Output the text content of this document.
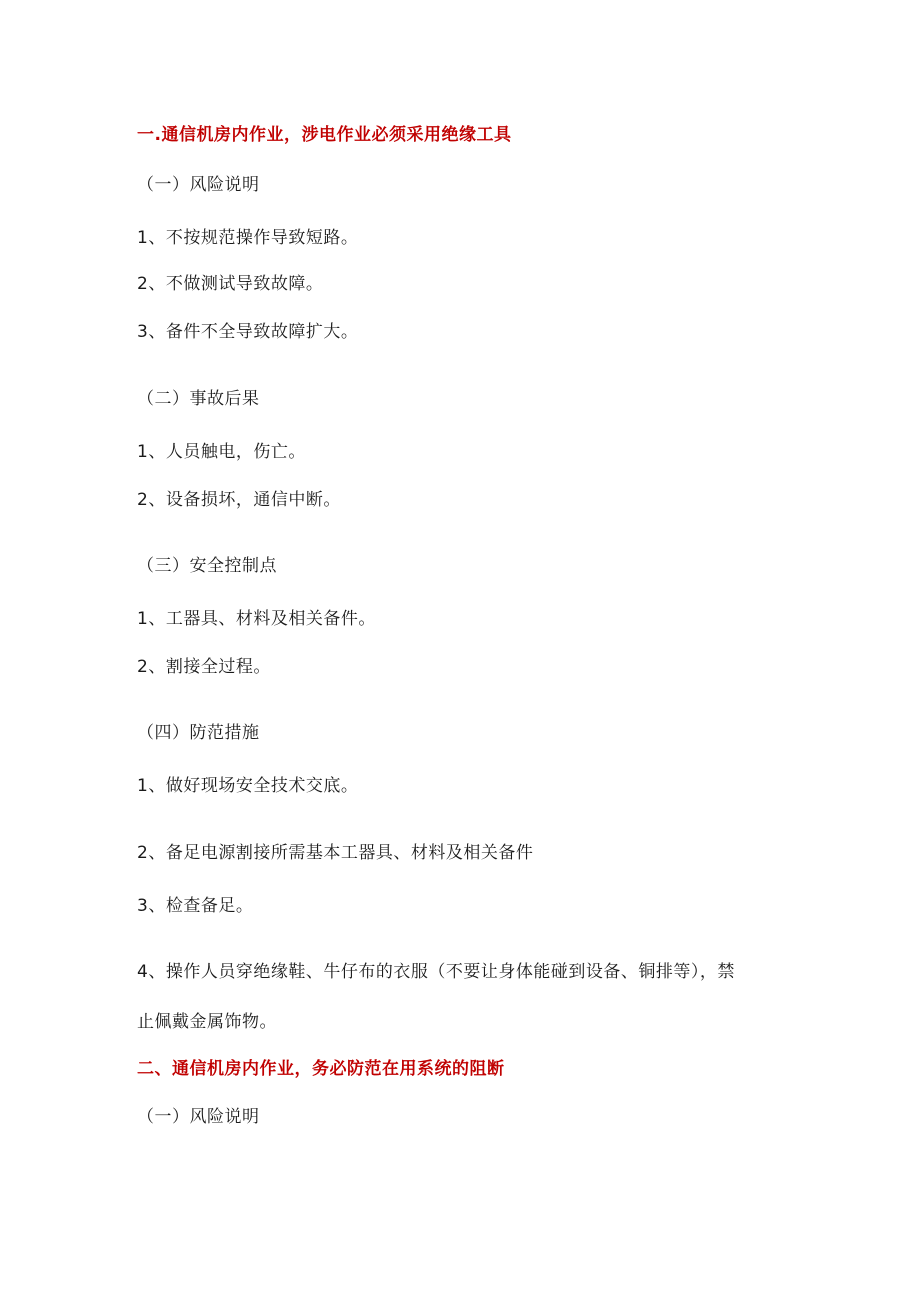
一.通信机房内作业，涉电作业必须采用绝缘工具
（一）风险说明
1、不按规范操作导致短路。
2、不做测试导致故障。
3、备件不全导致故障扩大。
（二）事故后果
1、人员触电，伤亡。
2、设备损坏，通信中断。
（三）安全控制点
1、工器具、材料及相关备件。
2、割接全过程。
（四）防范措施
1、做好现场安全技术交底。
2、备足电源割接所需基本工器具、材料及相关备件
3、检查备足。
4、操作人员穿绝缘鞋、牛仔布的衣服（不要让身体能碰到设备、铜排等），禁
止佩戴金属饰物。
二、通信机房内作业，务必防范在用系统的阻断
（一）风险说明
